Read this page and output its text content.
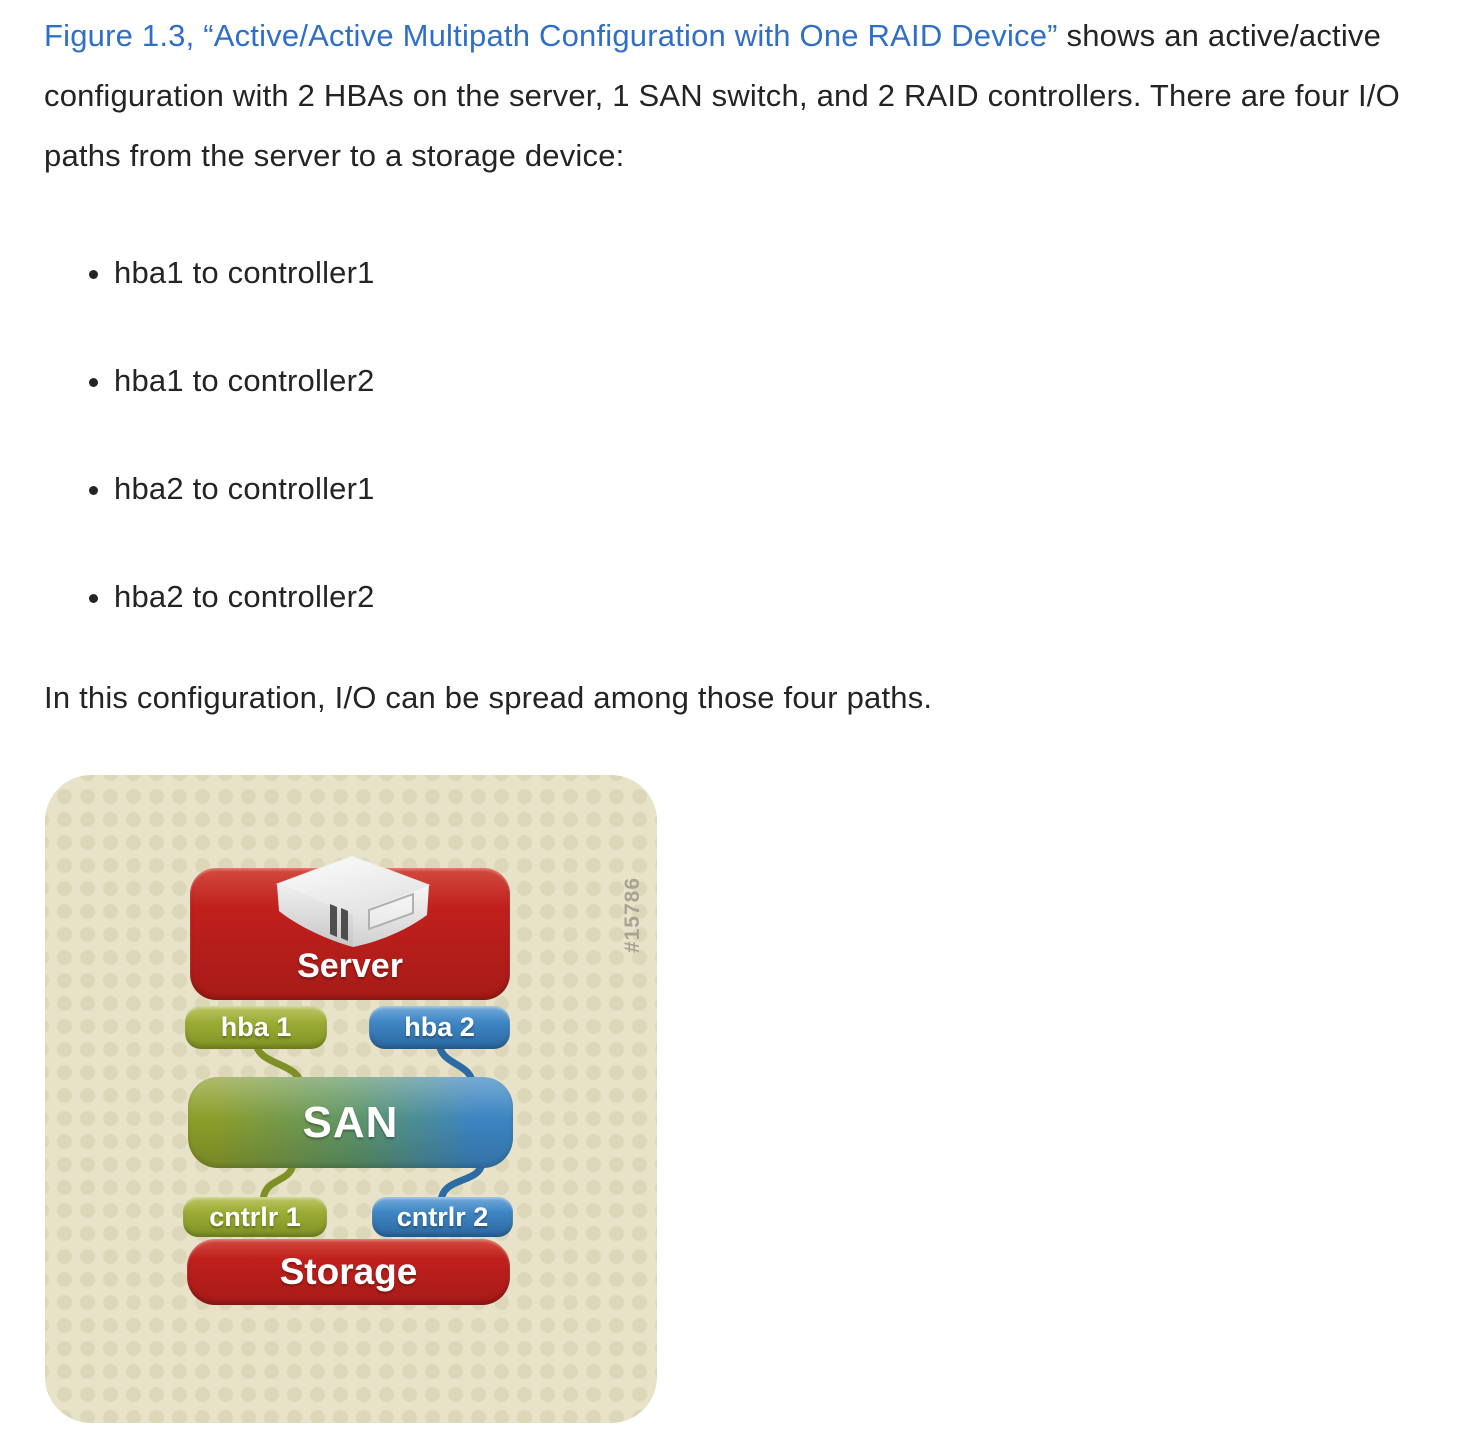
Figure 1.3, “Active/Active Multipath Configuration with One RAID Device” shows an active/active configuration with 2 HBAs on the server, 1 SAN switch, and 2 RAID controllers. There are four I/O paths from the server to a storage device:

• hba1 to controller1
• hba1 to controller2
• hba2 to controller1
• hba2 to controller2

In this configuration, I/O can be spread among those four paths.

Server
hba 1	hba 2
SAN
cntrlr 1	cntrlr 2
Storage
#15786
